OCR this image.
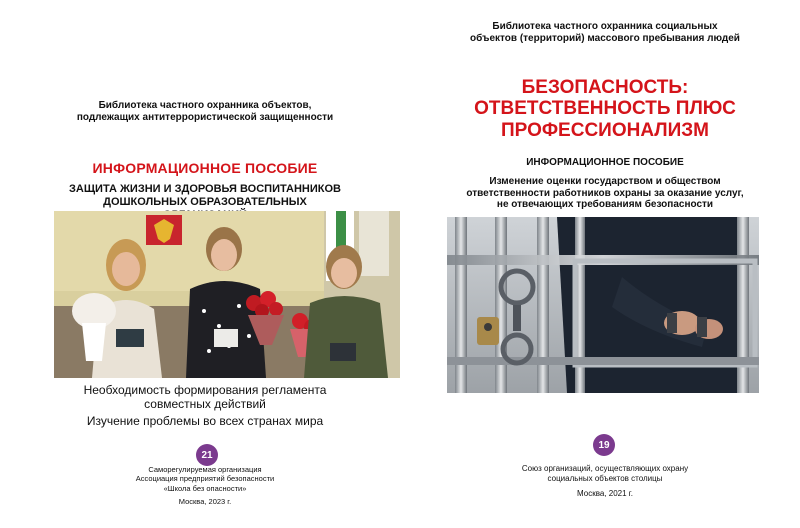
Библиотека частного охранника объектов,
подлежащих антитеррористической защищенности
ИНФОРМАЦИОННОЕ ПОСОБИЕ
ЗАЩИТА ЖИЗНИ И ЗДОРОВЬЯ ВОСПИТАННИКОВ
ДОШКОЛЬНЫХ ОБРАЗОВАТЕЛЬНЫХ
Необходимость формирования регламента
совместных действий
Изучение проблемы во всех странах мира
21
Саморегулируемая организация
Ассоциация предприятий безопасности
«Школа без опасности»
Москва, 2023 г.
Библиотека частного охранника социальных
объектов (территорий) массового пребывания людей
БЕЗОПАСНОСТЬ:
ОТВЕТСТВЕННОСТЬ ПЛЮС
ПРОФЕССИОНАЛИЗМ
ИНФОРМАЦИОННОЕ ПОСОБИЕ
Изменение оценки государством и обществом
ответственности работников охраны за оказание услуг,
не отвечающих требованиям безопасности
19
Союз организаций, осуществляющих охрану
социальных объектов столицы
Москва, 2021 г.
